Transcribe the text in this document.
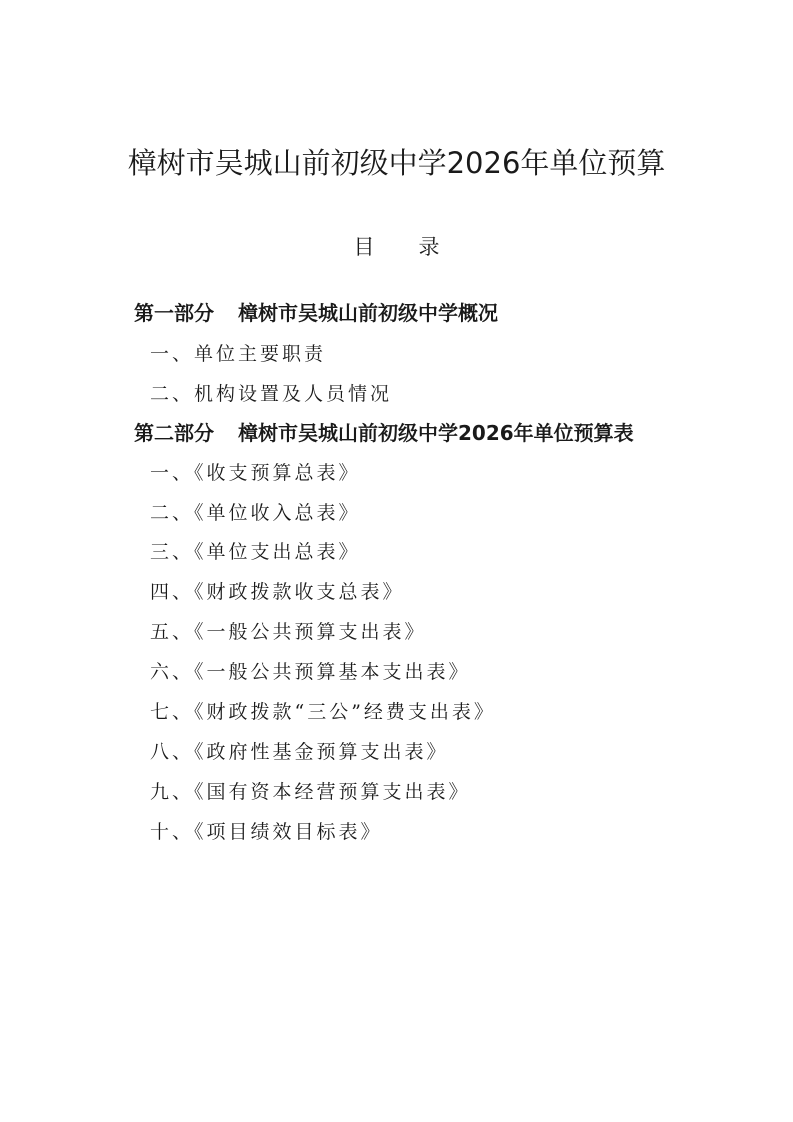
樟树市吴城山前初级中学2026年单位预算
目 录
第一部分 樟树市吴城山前初级中学概况
一、单位主要职责
二、机构设置及人员情况
第二部分 樟树市吴城山前初级中学2026年单位预算表
一、《收支预算总表》
二、《单位收入总表》
三、《单位支出总表》
四、《财政拨款收支总表》
五、《一般公共预算支出表》
六、《一般公共预算基本支出表》
七、《财政拨款“三公”经费支出表》
八、《政府性基金预算支出表》
九、《国有资本经营预算支出表》
十、《项目绩效目标表》
